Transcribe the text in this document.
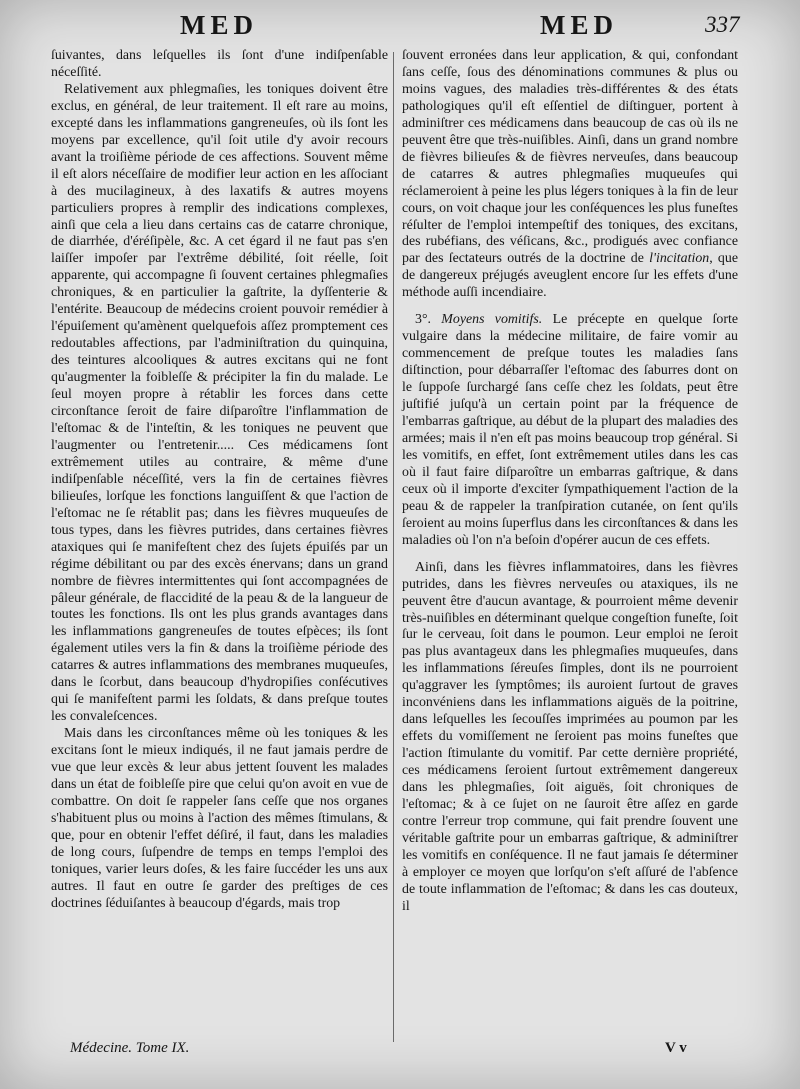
MED	MED	337

ſuivantes, dans leſquelles ils ſont d'une indiſpenſable néceſſité.

Relativement aux phlegmaſies, les toniques doivent être exclus, en général, de leur traitement. Il eſt rare au moins, excepté dans les inflammations gangreneuſes, où ils ſont les moyens par excellence, qu'il ſoit utile d'y avoir recours avant la troiſième période de ces affections. Souvent même il eſt alors néceſſaire de modifier leur action en les aſſociant à des mucilagineux, à des laxatifs & autres moyens particuliers propres à remplir des indications complexes, ainſi que cela a lieu dans certains cas de catarre chronique, de diarrhée, d'éréſipèle, &c. A cet égard il ne faut pas s'en laiſſer impoſer par l'extrême débilité, ſoit réelle, ſoit apparente, qui accompagne ſi ſouvent certaines phlegmaſies chroniques, & en particulier la gaſtrite, la dyſſenterie & l'entérite. Beaucoup de médecins croient pouvoir remédier à l'épuiſement qu'amènent quelquefois aſſez promptement ces redoutables affections, par l'adminiſtration du quinquina, des teintures alcooliques & autres excitans qui ne font qu'augmenter la foibleſſe & précipiter la fin du malade. Le ſeul moyen propre à rétablir les forces dans cette circonſtance ſeroit de faire diſparoître l'inflammation de l'eſtomac & de l'inteſtin, & les toniques ne peuvent que l'augmenter ou l'entretenir..... Ces médicamens ſont extrêmement utiles au contraire, & même d'une indiſpenſable néceſſité, vers la fin de certaines fièvres bilieuſes, lorſque les fonctions languiſſent & que l'action de l'eſtomac ne ſe rétablit pas; dans les fièvres muqueuſes de tous types, dans les fièvres putrides, dans certaines fièvres ataxiques qui ſe manifeſtent chez des ſujets épuiſés par un régime débilitant ou par des excès énervans; dans un grand nombre de fièvres intermittentes qui ſont accompagnées de pâleur générale, de flaccidité de la peau & de la langueur de toutes les fonctions. Ils ont les plus grands avantages dans les inflammations gangreneuſes de toutes eſpèces; ils ſont également utiles vers la fin & dans la troiſième période des catarres & autres inflammations des membranes muqueuſes, dans le ſcorbut, dans beaucoup d'hydropiſies conſécutives qui ſe manifeſtent parmi les ſoldats, & dans preſque toutes les convaleſcences.

Mais dans les circonſtances même où les toniques & les excitans ſont le mieux indiqués, il ne faut jamais perdre de vue que leur excès & leur abus jettent ſouvent les malades dans un état de foibleſſe pire que celui qu'on avoit en vue de combattre. On doit ſe rappeler ſans ceſſe que nos organes s'habituent plus ou moins à l'action des mêmes ſtimulans, & que, pour en obtenir l'effet déſiré, il faut, dans les maladies de long cours, ſuſpendre de temps en temps l'emploi des toniques, varier leurs doſes, & les faire ſuccéder les uns aux autres. Il faut en outre ſe garder des preſtiges de ces doctrines ſéduiſantes à beaucoup d'égards, mais trop

ſouvent erronées dans leur application, & qui, confondant ſans ceſſe, ſous des dénominations communes & plus ou moins vagues, des maladies très-différentes & des états pathologiques qu'il eſt eſſentiel de diſtinguer, portent à adminiſtrer ces médicamens dans beaucoup de cas où ils ne peuvent être que très-nuiſibles. Ainſi, dans un grand nombre de fièvres bilieuſes & de fièvres nerveuſes, dans beaucoup de catarres & autres phlegmaſies muqueuſes qui réclameroient à peine les plus légers toniques à la fin de leur cours, on voit chaque jour les conſéquences les plus funeſtes réſulter de l'emploi intempeſtif des toniques, des excitans, des rubéfians, des véſicans, &c., prodigués avec confiance par des ſectateurs outrés de la doctrine de l'incitation, que de dangereux préjugés aveuglent encore ſur les effets d'une méthode auſſi incendiaire.

3°. Moyens vomitifs. Le précepte en quelque ſorte vulgaire dans la médecine militaire, de faire vomir au commencement de preſque toutes les maladies ſans diſtinction, pour débarraſſer l'eſtomac des ſaburres dont on le ſuppoſe ſurchargé ſans ceſſe chez les ſoldats, peut être juſtifié juſqu'à un certain point par la fréquence de l'embarras gaſtrique, au début de la plupart des maladies des armées; mais il n'en eſt pas moins beaucoup trop général. Si les vomitifs, en effet, ſont extrêmement utiles dans les cas où il faut faire diſparoître un embarras gaſtrique, & dans ceux où il importe d'exciter ſympathiquement l'action de la peau & de rappeler la tranſpiration cutanée, on ſent qu'ils ſeroient au moins ſuperflus dans les circonſtances & dans les maladies où l'on n'a beſoin d'opérer aucun de ces effets.

Ainſi, dans les fièvres inflammatoires, dans les fièvres putrides, dans les fièvres nerveuſes ou ataxiques, ils ne peuvent être d'aucun avantage, & pourroient même devenir très-nuiſibles en déterminant quelque congeſtion funeſte, ſoit ſur le cerveau, ſoit dans le poumon. Leur emploi ne ſeroit pas plus avantageux dans les phlegmaſies muqueuſes, dans les inflammations ſéreuſes ſimples, dont ils ne pourroient qu'aggraver les ſymptômes; ils auroient ſurtout de graves inconvéniens dans les inflammations aiguës de la poitrine, dans leſquelles les ſecouſſes imprimées au poumon par les effets du vomiſſement ne ſeroient pas moins funeſtes que l'action ſtimulante du vomitif. Par cette dernière propriété, ces médicamens ſeroient ſurtout extrêmement dangereux dans les phlegmaſies, ſoit aiguës, ſoit chroniques de l'eſtomac; & à ce ſujet on ne ſauroit être aſſez en garde contre l'erreur trop commune, qui fait prendre ſouvent une véritable gaſtrite pour un embarras gaſtrique, & adminiſtrer les vomitifs en conſéquence. Il ne faut jamais ſe déterminer à employer ce moyen que lorſqu'on s'eſt aſſuré de l'abſence de toute inflammation de l'eſtomac; & dans les cas douteux, il

Médecine. Tome IX.	V v
